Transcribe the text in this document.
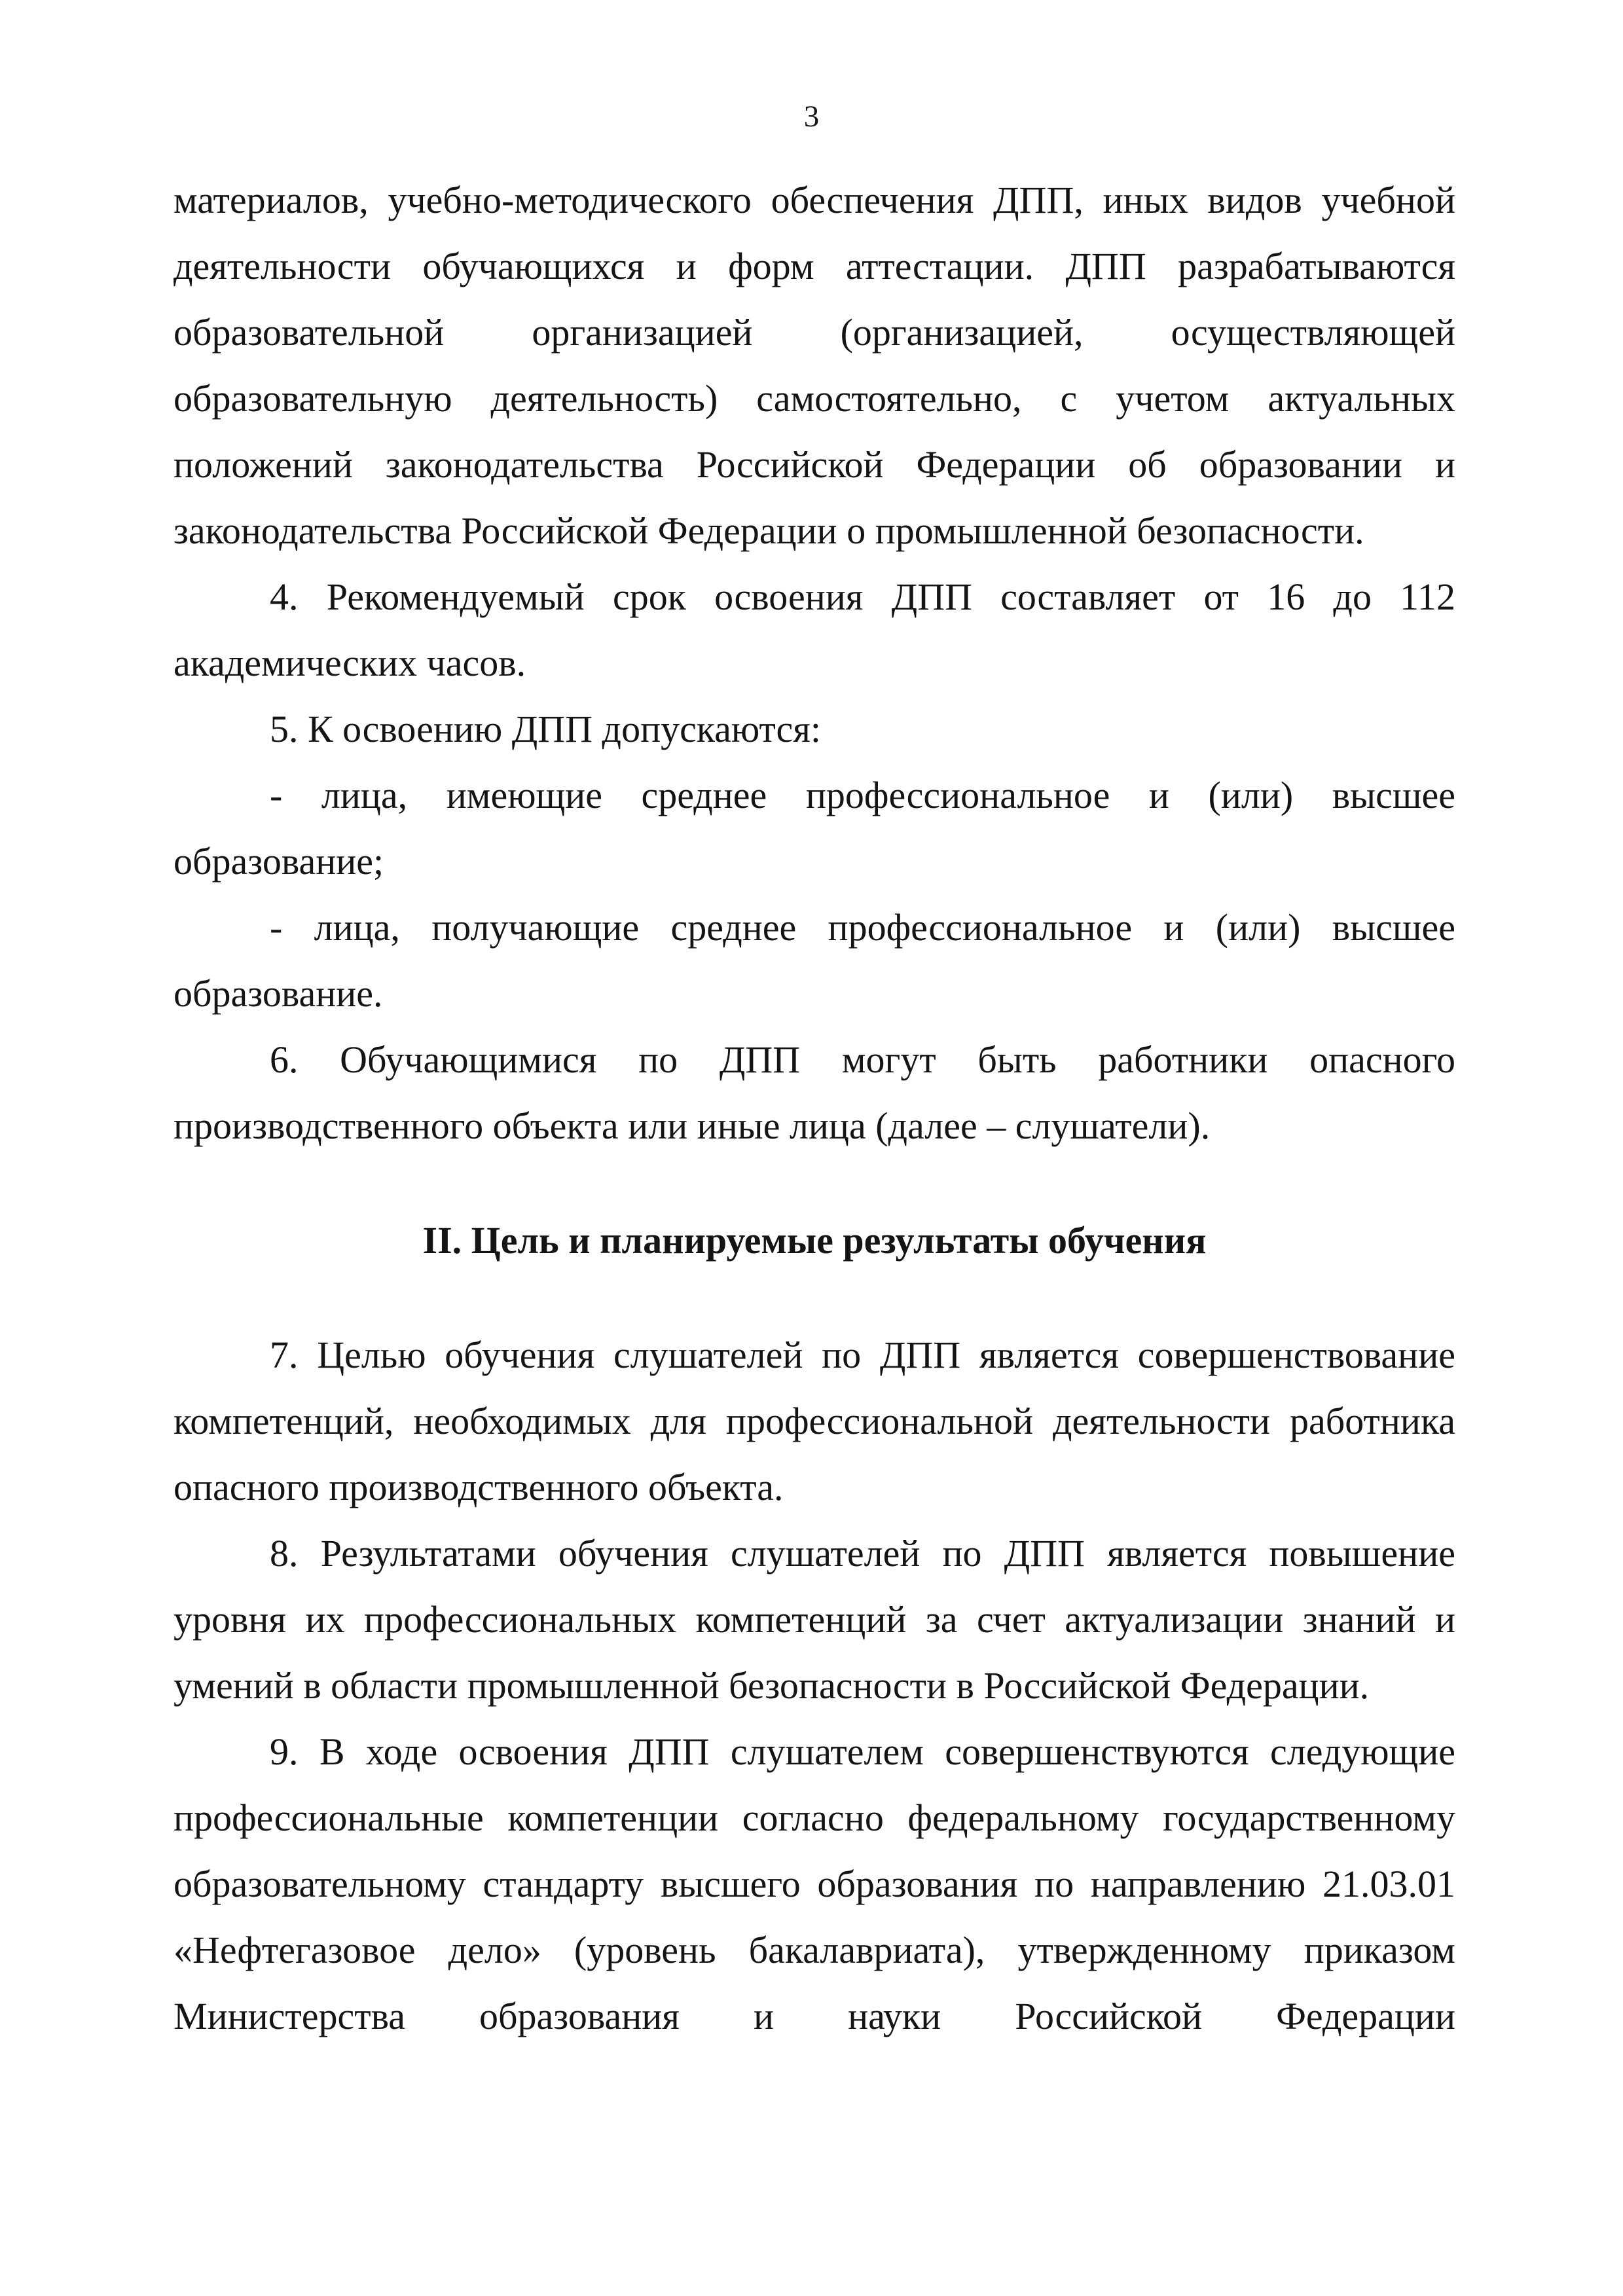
3

материалов, учебно-методического обеспечения ДПП, иных видов учебной деятельности обучающихся и форм аттестации. ДПП разрабатываются образовательной организацией (организацией, осуществляющей образовательную деятельность) самостоятельно, с учетом актуальных положений законодательства Российской Федерации об образовании и законодательства Российской Федерации о промышленной безопасности.

4. Рекомендуемый срок освоения ДПП составляет от 16 до 112 академических часов.

5. К освоению ДПП допускаются:

- лица, имеющие среднее профессиональное и (или) высшее образование;

- лица, получающие среднее профессиональное и (или) высшее образование.

6. Обучающимися по ДПП могут быть работники опасного производственного объекта или иные лица (далее – слушатели).

II. Цель и планируемые результаты обучения

7. Целью обучения слушателей по ДПП является совершенствование компетенций, необходимых для профессиональной деятельности работника опасного производственного объекта.

8. Результатами обучения слушателей по ДПП является повышение уровня их профессиональных компетенций за счет актуализации знаний и умений в области промышленной безопасности в Российской Федерации.

9. В ходе освоения ДПП слушателем совершенствуются следующие профессиональные компетенции согласно федеральному государственному образовательному стандарту высшего образования по направлению 21.03.01 «Нефтегазовое дело» (уровень бакалавриата), утвержденному приказом Министерства образования и науки Российской Федерации
